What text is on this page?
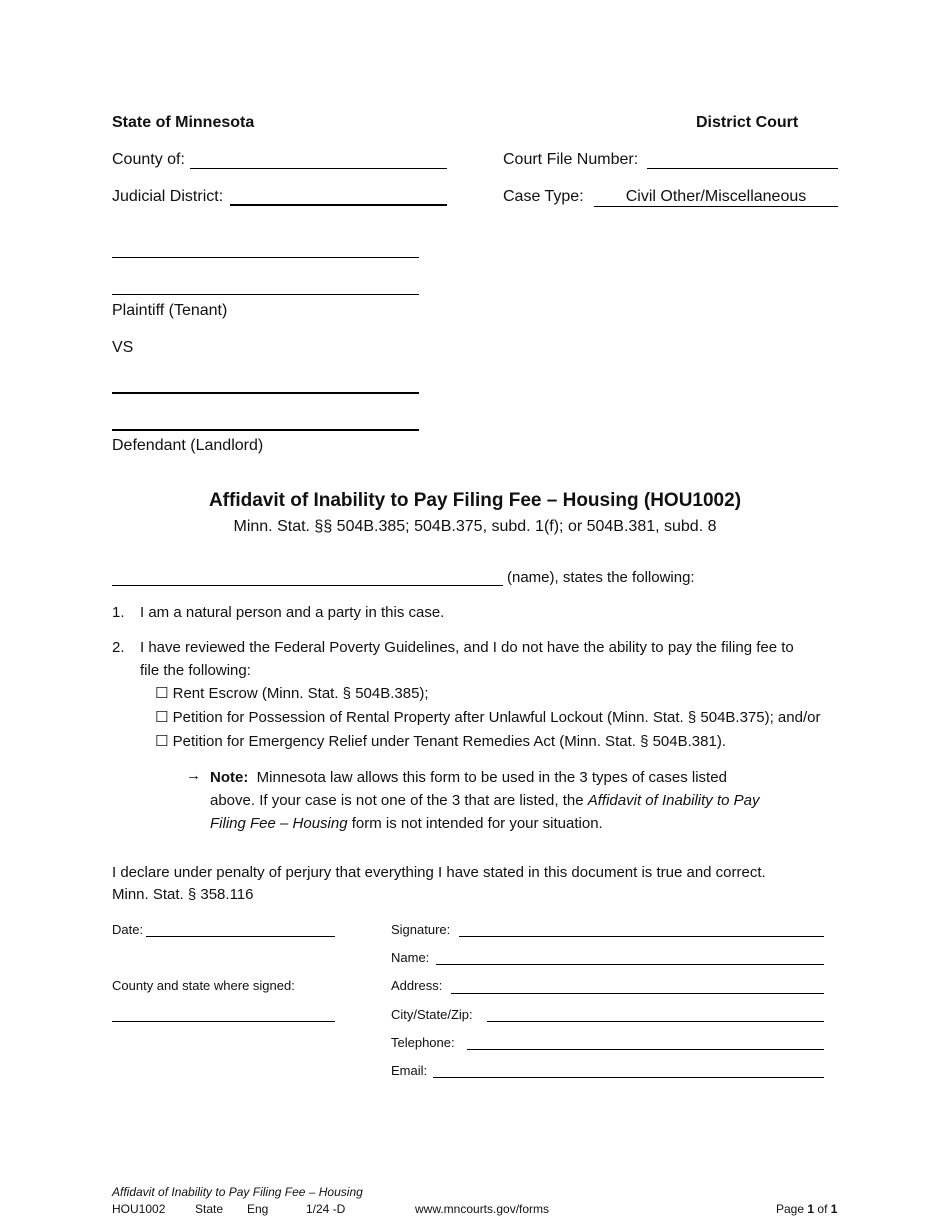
State of Minnesota	District Court
County of:	Court File Number:
Judicial District:	Case Type:	Civil Other/Miscellaneous
Plaintiff (Tenant)
VS
Defendant (Landlord)
Affidavit of Inability to Pay Filing Fee – Housing (HOU1002)
Minn. Stat. §§ 504B.385; 504B.375, subd. 1(f); or 504B.381, subd. 8
(name), states the following:
1. I am a natural person and a party in this case.
2. I have reviewed the Federal Poverty Guidelines, and I do not have the ability to pay the filing fee to
file the following:
☐ Rent Escrow (Minn. Stat. § 504B.385);
☐ Petition for Possession of Rental Property after Unlawful Lockout (Minn. Stat. § 504B.375); and/or
☐ Petition for Emergency Relief under Tenant Remedies Act (Minn. Stat. § 504B.381).
→ Note: Minnesota law allows this form to be used in the 3 types of cases listed above. If your case is not one of the 3 that are listed, the Affidavit of Inability to Pay Filing Fee – Housing form is not intended for your situation.
I declare under penalty of perjury that everything I have stated in this document is true and correct.
Minn. Stat. § 358.116
Date:
County and state where signed:
Signature:
Name:
Address:
City/State/Zip:
Telephone:
Email:
Affidavit of Inability to Pay Filing Fee – Housing
HOU1002 State Eng	1/24 -D	www.mncourts.gov/forms	Page 1 of 1
